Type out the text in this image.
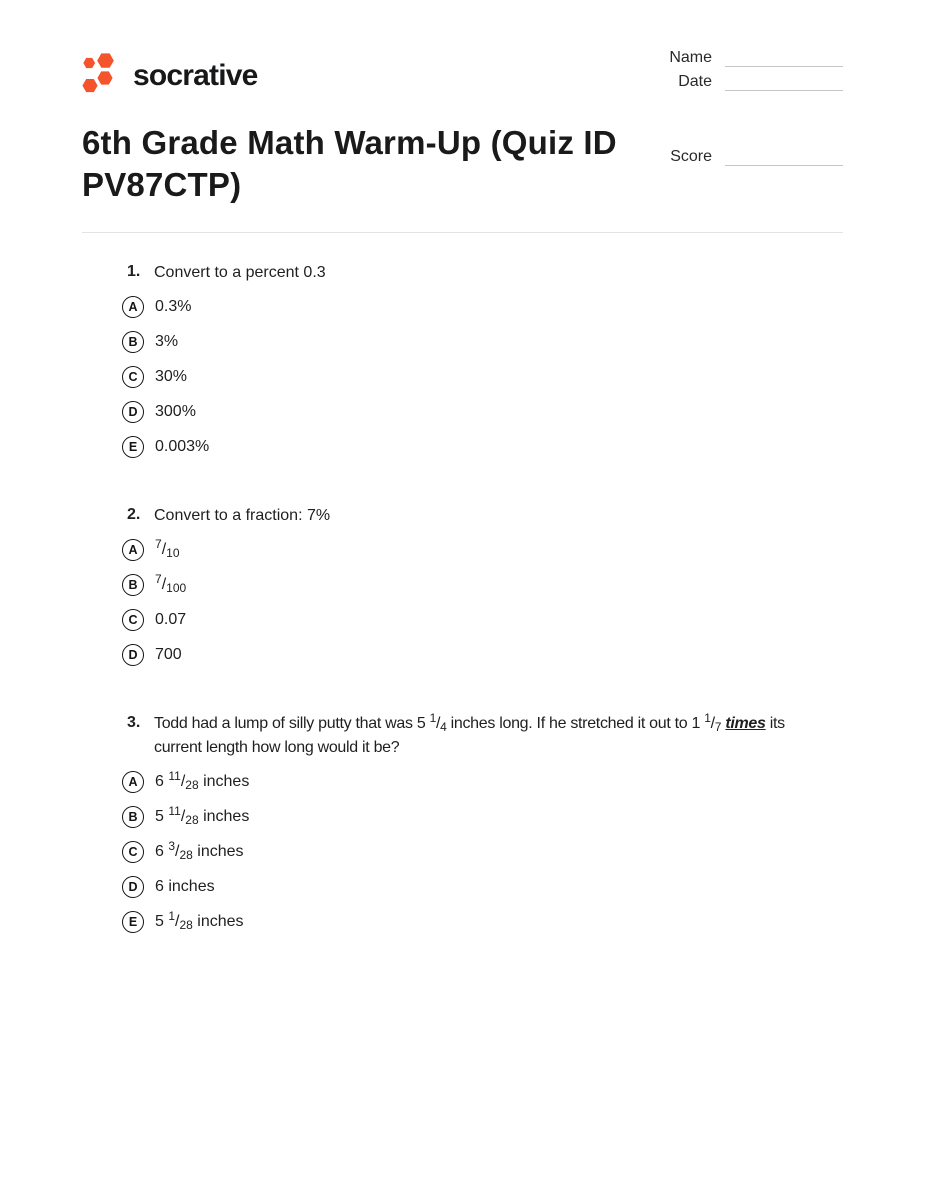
socrative
Name
Date
6th Grade Math Warm-Up (Quiz ID PV87CTP)
Score
1. Convert to a percent 0.3
A	0.3%
B	3%
C	30%
D	300%
E	0.003%
2. Convert to a fraction: 7%
A	$^7$/10
B	$^7$/100
C	0.07
D	700
3. Todd had a lump of silly putty that was 5 $^1$/4 inches long. If he stretched it out to 1 $^1$/7 times its current length how long would it be?
A	6 $^{11}$/28 inches
B	5 $^{11}$/28 inches
C	6 $^3$/28 inches
D	6 inches
E	5 $^1$/28 inches
